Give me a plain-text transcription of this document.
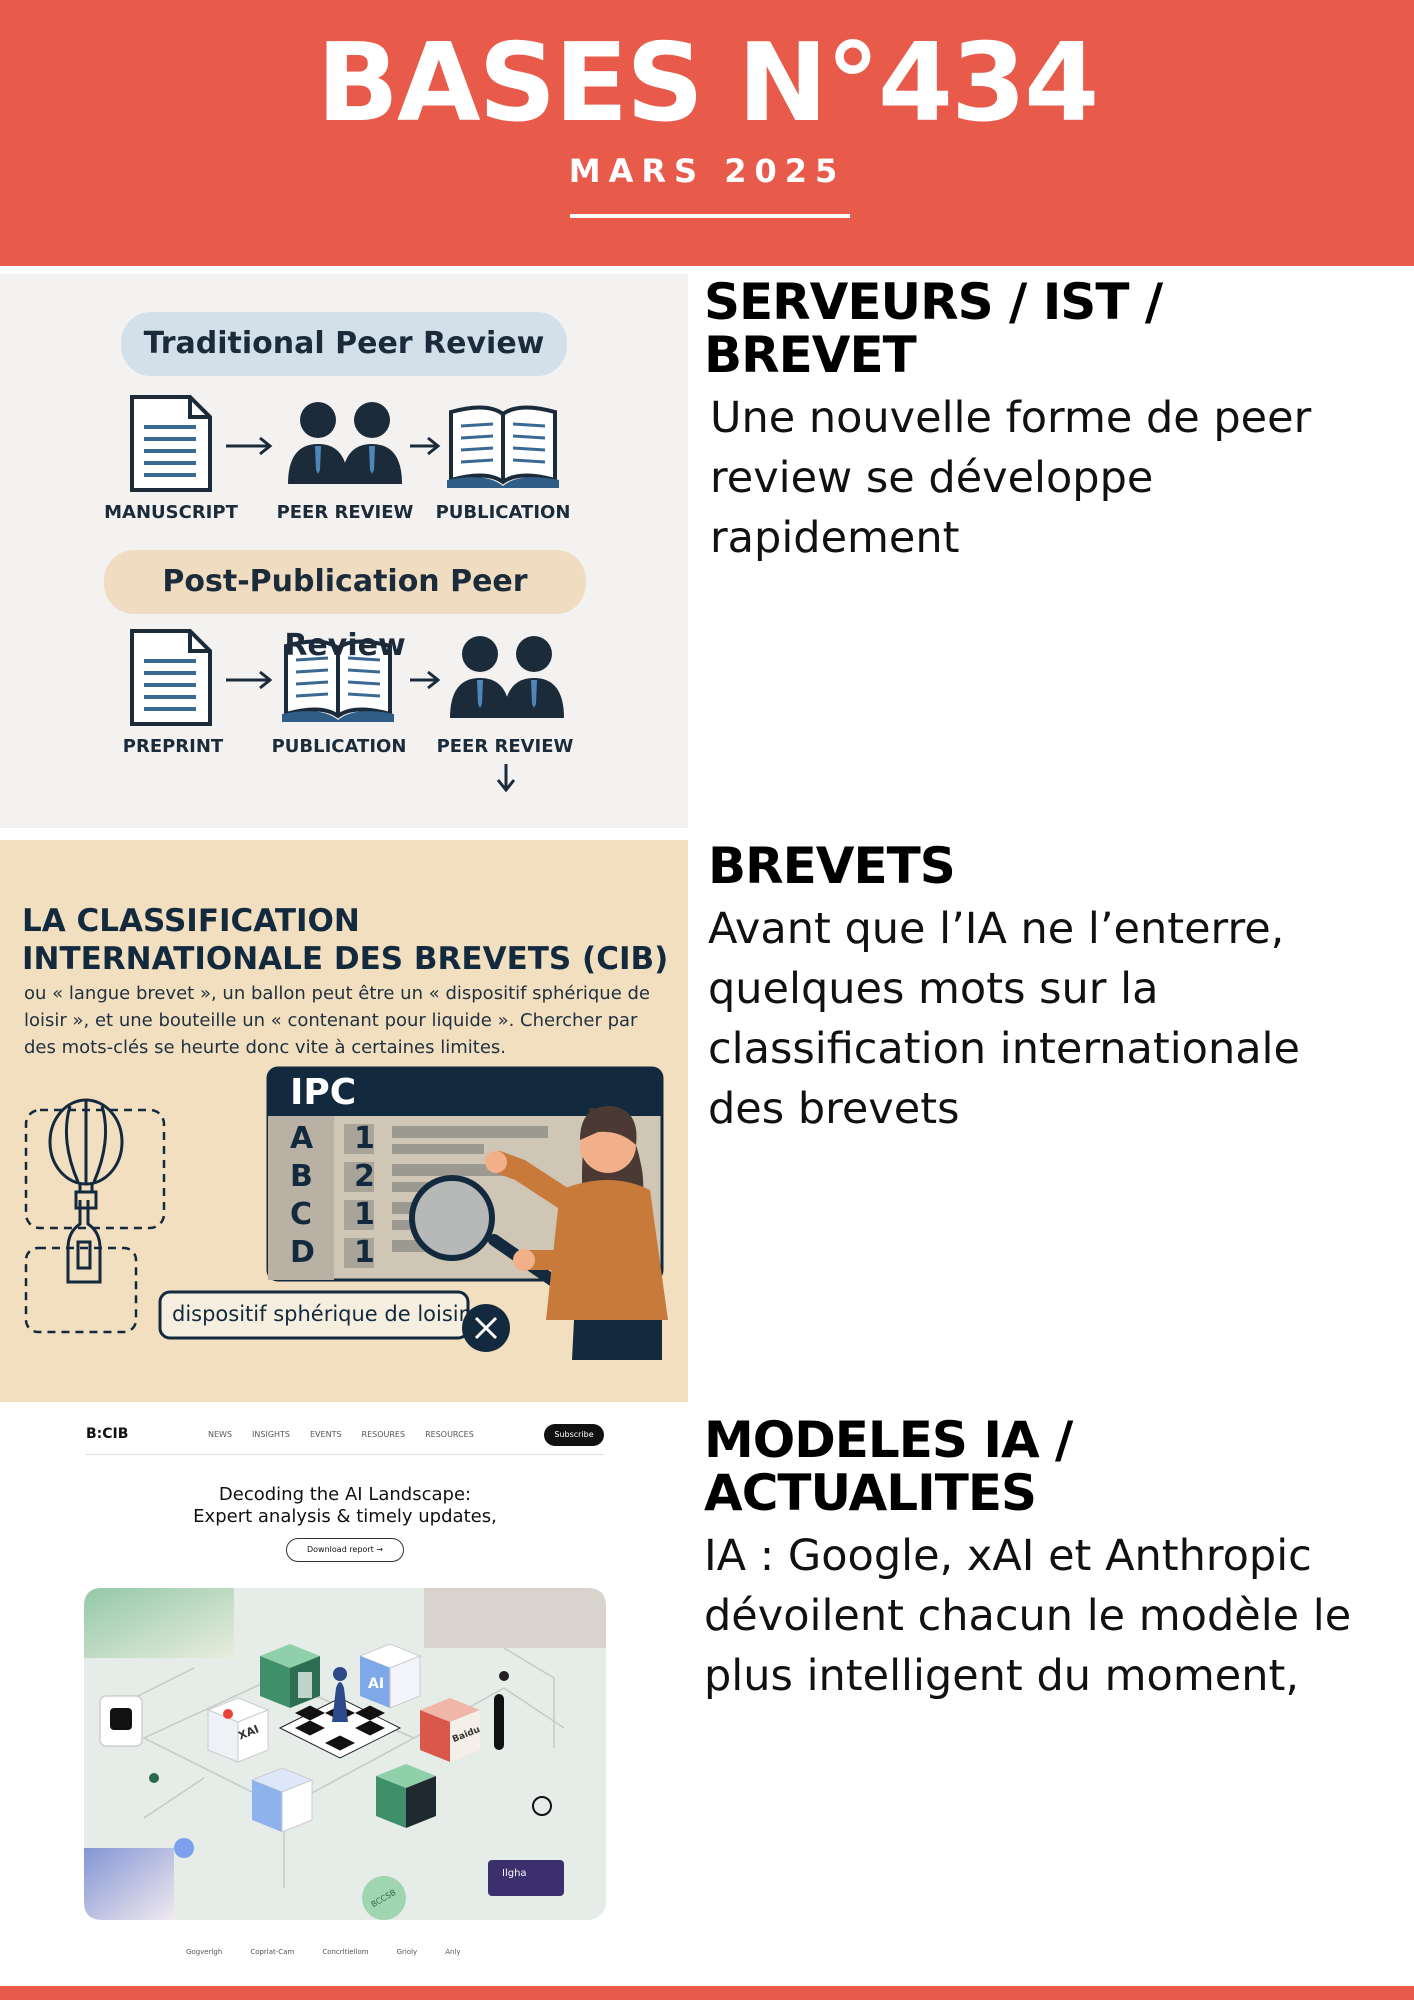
BASES N°434
MARS 2025
Traditional Peer Review
MANUSCRIPT	PEER REVIEW	PUBLICATION
Post-Publication Peer Review
PREPRINT	PUBLICATION	PEER REVIEW
SERVEURS / IST /
BREVET

Une nouvelle forme de peer review se développe rapidement

LA CLASSIFICATION
INTERNATIONALE DES BREVETS (CIB)
ou « langue brevet », un ballon peut être un « dispositif sphérique de loisir », et une bouteille un « contenant pour liquide ». Chercher par des mots-clés se heurte donc vite à certaines limites.
IPC
A	1
B	2
C	1
D	1
dispositif sphérique de loisir
BREVETS

Avant que l’IA ne l’enterre, quelques mots sur la classification internationale des brevets

B:CIB	NEWS	INSIGHTS	EVENTS	RESOURES	RESOURCES	Subscribe
Decoding the AI Landscape:
Expert analysis & timely updates,
Download report →
XAI
AI
Baidu
BCCSB
Ilgha
Gogverlgh	Coprlat-Cam	Concrltiellom	Grioly	Anly
MODELES IA /
ACTUALITES

IA : Google, xAI et Anthropic dévoilent chacun le modèle le plus intelligent du moment,
